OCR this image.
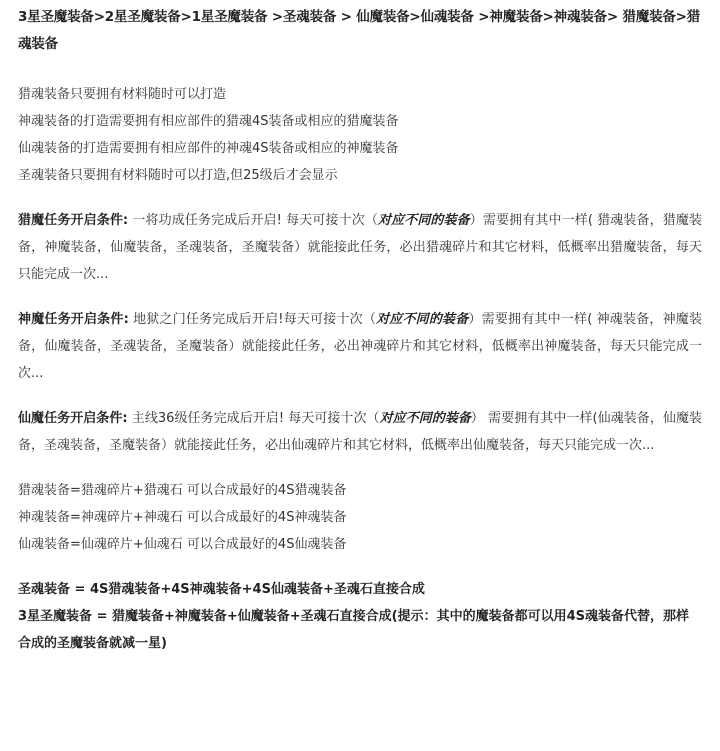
3星圣魔装备>2星圣魔装备>1星圣魔装备 >圣魂装备 > 仙魔装备>仙魂装备 >神魔装备>神魂装备> 猎魔装备>猎魂装备

猎魂装备只要拥有材料随时可以打造

神魂装备的打造需要拥有相应部件的猎魂4S装备或相应的猎魔装备

仙魂装备的打造需要拥有相应部件的神魂4S装备或相应的神魔装备

圣魂装备只要拥有材料随时可以打造,但25级后才会显示

猎魔任务开启条件: 一将功成任务完成后开启! 每天可接十次（对应不同的装备）需要拥有其中一样( 猎魂装备，猎魔装备，神魔装备，仙魔装备，圣魂装备，圣魔装备）就能接此任务，必出猎魂碎片和其它材料，低概率出猎魔装备，每天只能完成一次...

神魔任务开启条件: 地狱之门任务完成后开启!每天可接十次（对应不同的装备）需要拥有其中一样( 神魂装备，神魔装备，仙魔装备，圣魂装备，圣魔装备）就能接此任务，必出神魂碎片和其它材料，低概率出神魔装备，每天只能完成一次...

仙魔任务开启条件: 主线36级任务完成后开启! 每天可接十次（对应不同的装备） 需要拥有其中一样(仙魂装备，仙魔装备，圣魂装备，圣魔装备）就能接此任务，必出仙魂碎片和其它材料，低概率出仙魔装备，每天只能完成一次...

猎魂装备=猎魂碎片+猎魂石 可以合成最好的4S猎魂装备

神魂装备=神魂碎片+神魂石 可以合成最好的4S神魂装备

仙魂装备=仙魂碎片+仙魂石 可以合成最好的4S仙魂装备

圣魂装备 = 4S猎魂装备+4S神魂装备+4S仙魂装备+圣魂石直接合成

3星圣魔装备 = 猎魔装备+神魔装备+仙魔装备+圣魂石直接合成(提示：其中的魔装备都可以用4S魂装备代替，那样合成的圣魔装备就减一星)
